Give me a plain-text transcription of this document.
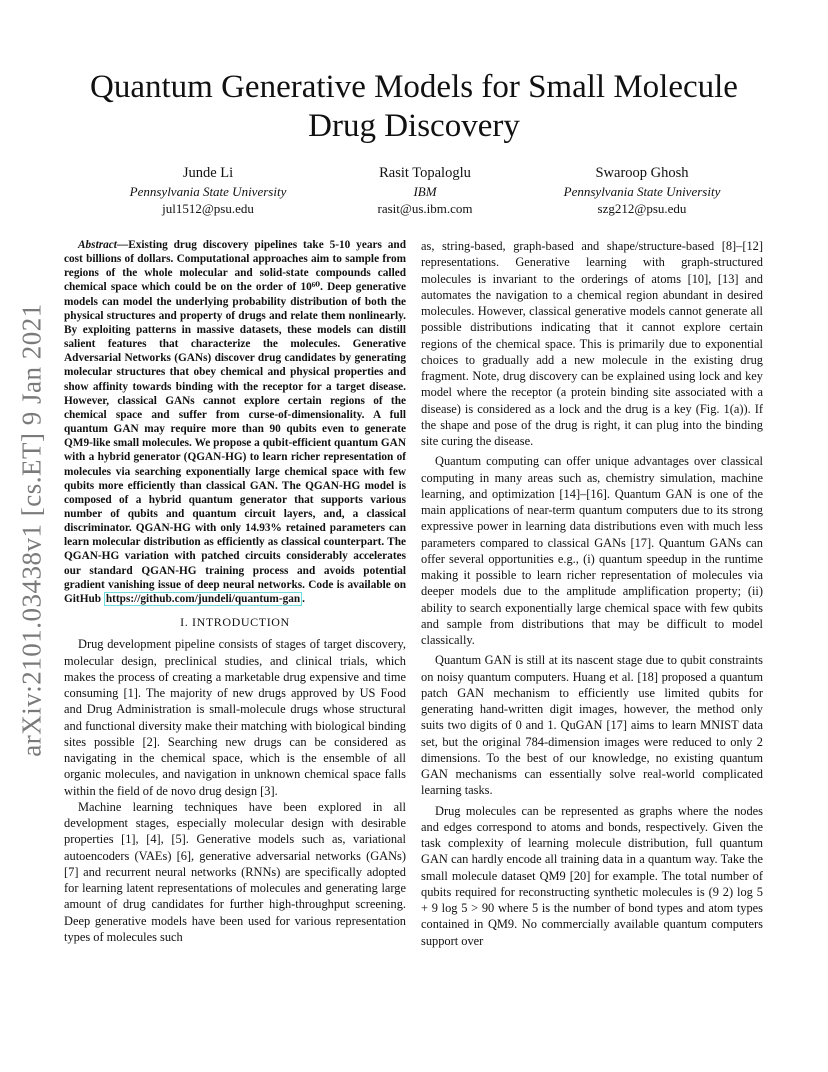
arXiv:2101.03438v1 [cs.ET] 9 Jan 2021
Quantum Generative Models for Small Molecule
Drug Discovery
Junde Li
Pennsylvania State University
jul1512@psu.edu
Rasit Topaloglu
IBM
rasit@us.ibm.com
Swaroop Ghosh
Pennsylvania State University
szg212@psu.edu

Abstract—Existing drug discovery pipelines take 5-10 years and cost billions of dollars. Computational approaches aim to sample from regions of the whole molecular and solid-state compounds called chemical space which could be on the order of 10⁶⁰. Deep generative models can model the underlying probability distribution of both the physical structures and property of drugs and relate them nonlinearly. By exploiting patterns in massive datasets, these models can distill salient features that characterize the molecules. Generative Adversarial Networks (GANs) discover drug candidates by generating molecular structures that obey chemical and physical properties and show affinity towards binding with the receptor for a target disease. However, classical GANs cannot explore certain regions of the chemical space and suffer from curse-of-dimensionality. A full quantum GAN may require more than 90 qubits even to generate QM9-like small molecules. We propose a qubit-efficient quantum GAN with a hybrid generator (QGAN-HG) to learn richer representation of molecules via searching exponentially large chemical space with few qubits more efficiently than classical GAN. The QGAN-HG model is composed of a hybrid quantum generator that supports various number of qubits and quantum circuit layers, and, a classical discriminator. QGAN-HG with only 14.93% retained parameters can learn molecular distribution as efficiently as classical counterpart. The QGAN-HG variation with patched circuits considerably accelerates our standard QGAN-HG training process and avoids potential gradient vanishing issue of deep neural networks. Code is available on GitHub https://github.com/jundeli/quantum-gan .

I. INTRODUCTION

Drug development pipeline consists of stages of target discovery, molecular design, preclinical studies, and clinical trials, which makes the process of creating a marketable drug expensive and time consuming [1]. The majority of new drugs approved by US Food and Drug Administration is small-molecule drugs whose structural and functional diversity make their matching with biological binding sites possible [2]. Searching new drugs can be considered as navigating in the chemical space, which is the ensemble of all organic molecules, and navigation in unknown chemical space falls within the field of de novo drug design [3].

Machine learning techniques have been explored in all development stages, especially molecular design with desirable properties [1], [4], [5]. Generative models such as, variational autoencoders (VAEs) [6], generative adversarial networks (GANs) [7] and recurrent neural networks (RNNs) are specifically adopted for learning latent representations of molecules and generating large amount of drug candidates for further high-throughput screening. Deep generative models have been used for various representation types of molecules such

as, string-based, graph-based and shape/structure-based [8]–[12] representations. Generative learning with graph-structured molecules is invariant to the orderings of atoms [10], [13] and automates the navigation to a chemical region abundant in desired molecules. However, classical generative models cannot generate all possible distributions indicating that it cannot explore certain regions of the chemical space. This is primarily due to exponential choices to gradually add a new molecule in the existing drug fragment. Note, drug discovery can be explained using lock and key model where the receptor (a protein binding site associated with a disease) is considered as a lock and the drug is a key (Fig. 1(a)). If the shape and pose of the drug is right, it can plug into the binding site curing the disease.

Quantum computing can offer unique advantages over classical computing in many areas such as, chemistry simulation, machine learning, and optimization [14]–[16]. Quantum GAN is one of the main applications of near-term quantum computers due to its strong expressive power in learning data distributions even with much less parameters compared to classical GANs [17]. Quantum GANs can offer several opportunities e.g., (i) quantum speedup in the runtime making it possible to learn richer representation of molecules via deeper models due to the amplitude amplification property; (ii) ability to search exponentially large chemical space with few qubits and sample from distributions that may be difficult to model classically.

Quantum GAN is still at its nascent stage due to qubit constraints on noisy quantum computers. Huang et al. [18] proposed a quantum patch GAN mechanism to efficiently use limited qubits for generating hand-written digit images, however, the method only suits two digits of 0 and 1. QuGAN [17] aims to learn MNIST data set, but the original 784-dimension images were reduced to only 2 dimensions. To the best of our knowledge, no existing quantum GAN mechanisms can essentially solve real-world complicated learning tasks.

Drug molecules can be represented as graphs where the nodes and edges correspond to atoms and bonds, respectively. Given the task complexity of learning molecule distribution, full quantum GAN can hardly encode all training data in a quantum way. Take the small molecule dataset QM9 [20] for example. The total number of qubits required for reconstructing synthetic molecules is (9 2) log 5 + 9 log 5 > 90 where 5 is the number of bond types and atom types contained in QM9. No commercially available quantum computers support over
